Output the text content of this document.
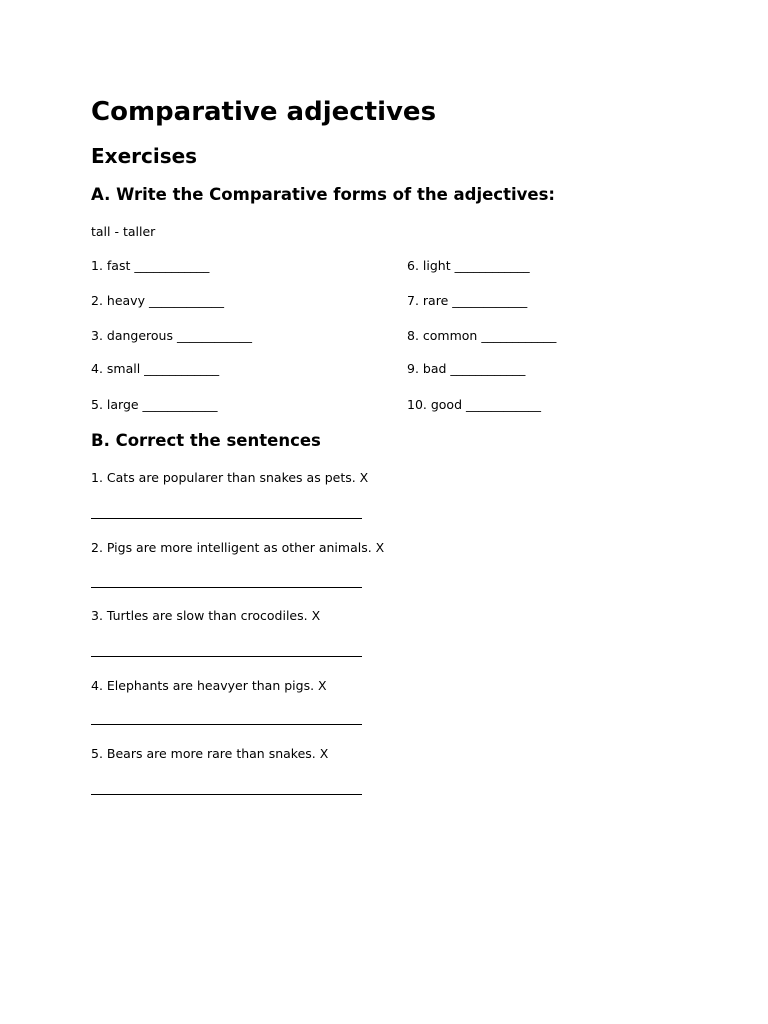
Comparative adjectives
Exercises
A. Write the Comparative forms of the adjectives:
tall - taller
1. fast ____________
2. heavy ____________
3. dangerous ____________
4. small ____________
5. large ____________
6. light ____________
7. rare ____________
8. common ____________
9. bad ____________
10. good ____________
B. Correct the sentences
1. Cats are popularer than snakes as pets. X
2. Pigs are more intelligent as other animals. X
3. Turtles are slow than crocodiles. X
4. Elephants are heavyer than pigs. X
5. Bears are more rare than snakes. X
